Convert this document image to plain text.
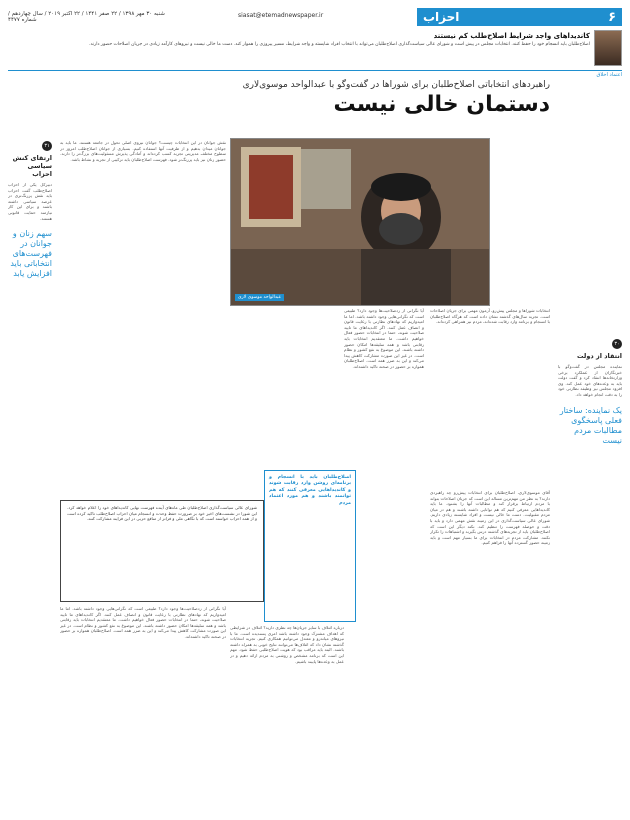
۶
احزاب
siasat@etemadnewspaper.ir
شنبه ۳۰ مهر ۱۳۹۸ / ۲۲ صفر ۱۴۴۱ / ۲۲ اکتبر ۲۰۱۹ / سال چهاردهم / شماره ۴۴۷۷
کاندیداهای واجد شرایط اصلاح‌طلب کم نیستند
اصلاح‌طلبان باید انسجام خود را حفظ کنند. انتخابات مجلس در پیش است و شورای عالی سیاست‌گذاری اصلاح‌طلبان می‌تواند با انتخاب افراد شایسته و واجد شرایط، مسیر پیروزی را هموار کند. دست ما خالی نیست و نیروهای کارآمد زیادی در جریان اصلاحات حضور دارند.
اعتماد اخلاق
راهبردهای انتخاباتی اصلاح‌طلبان برای شورا‌ها در گفت‌وگو با عبدالواحد موسوی‌لاری
دستمان خالی نیست
عبدالواحد موسوی لاری
انتخابات شوراها و مجلس پیش‌رو، آزمون مهمی برای جریان اصلاحات است. تجربه سال‌های گذشته نشان داده است که هرگاه اصلاح‌طلبان با انسجام و برنامه وارد رقابت شده‌اند، مردم نیز همراهی کرده‌اند.
آقای موسوی‌لاری، اصلاح‌طلبان برای انتخابات پیش‌رو چه راهبردی دارند؟ به نظر من مهم‌ترین مساله این است که جریان اصلاحات بتواند با مردم ارتباط برقرار کند و مطالبات آنها را بشنود. ما باید کاندیداهایی معرفی کنیم که هم توانایی داشته باشند و هم در میان مردم مقبولیت. دست ما خالی نیست و افراد شایسته زیادی داریم. شورای عالی سیاست‌گذاری در این زمینه نقش مهمی دارد و باید با دقت و حوصله فهرست را تنظیم کند. نکته دیگر این است که اصلاح‌طلبان باید از تجربه‌های گذشته درس بگیرند و اشتباهات را تکرار نکنند. مشارکت مردم در انتخابات برای ما بسیار مهم است و باید زمینه حضور گسترده آنها را فراهم کنیم.
آیا نگرانی از ردصلاحیت‌ها وجود دارد؟ طبیعی است که نگرانی‌هایی وجود داشته باشد. اما ما امیدواریم که نهادهای نظارتی با رعایت قانون و انصاف عمل کنند. اگر کاندیداهای ما تایید صلاحیت شوند، حتما در انتخابات حضور فعال خواهیم داشت. ما معتقدیم انتخابات باید رقابتی باشد و همه سلیقه‌ها امکان حضور داشته باشند. این موضوع به نفع کشور و نظام است. در غیر این صورت مشارکت کاهش پیدا می‌کند و این به ضرر همه است. اصلاح‌طلبان همواره بر حضور در صحنه تاکید داشته‌اند.
درباره ائتلاف با سایر جریان‌ها چه نظری دارید؟ ائتلاف در شرایطی که اهداف مشترک وجود داشته باشد امری پسندیده است. ما با نیروهای میانه‌رو و معتدل می‌توانیم همکاری کنیم. تجربه انتخابات گذشته نشان داد که ائتلاف‌ها می‌توانند نتایج خوبی به همراه داشته باشند. البته باید مراقب بود که هویت اصلاح‌طلبی حفظ شود. مهم این است که برنامه مشخص و روشنی به مردم ارائه دهیم و در عمل به وعده‌ها پایبند باشیم.
نقش جوانان در این انتخابات چیست؟ جوانان نیروی اصلی تحول در جامعه هستند. ما باید به جوانان میدان بدهیم و از ظرفیت آنها استفاده کنیم. بسیاری از جوانان اصلاح‌طلب امروز در سطوح مختلف مدیریتی تجربه کسب کرده‌اند و آمادگی پذیرش مسئولیت‌های بزرگ‌تر را دارند. حضور زنان نیز باید پررنگ‌تر شود. فهرست اصلاح‌طلبان باید ترکیبی از تجربه و نشاط باشد.
آیا نگرانی از ردصلاحیت‌ها وجود دارد؟ طبیعی است که نگرانی‌هایی وجود داشته باشد. اما ما امیدواریم که نهادهای نظارتی با رعایت قانون و انصاف عمل کنند. اگر کاندیداهای ما تایید صلاحیت شوند، حتما در انتخابات حضور فعال خواهیم داشت. ما معتقدیم انتخابات باید رقابتی باشد و همه سلیقه‌ها امکان حضور داشته باشند. این موضوع به نفع کشور و نظام است. در غیر این صورت مشارکت کاهش پیدا می‌کند و این به ضرر همه است. اصلاح‌طلبان همواره بر حضور در صحنه تاکید داشته‌اند.
اصلاح‌طلبان باید با انسجام و برنامه‌ای روشن وارد رقابت شوند و کاندیداهایی معرفی کنند که هم توانمند باشند و هم مورد اعتماد مردم
شورای عالی سیاست‌گذاری اصلاح‌طلبان طی ماه‌های آینده فهرست نهایی کاندیداهای خود را اعلام خواهد کرد. این شورا در نشست‌های اخیر خود بر ضرورت حفظ وحدت و انسجام میان احزاب اصلاح‌طلب تاکید کرده است و از همه احزاب خواسته است که با نگاهی ملی و فراتر از منافع حزبی در این فرایند مشارکت کنند.
۳۰
انتقاد از دولت
نماینده مجلس در گفت‌وگو با خبرنگاران از عملکرد برخی وزارتخانه‌ها انتقاد کرد و گفت دولت باید به وعده‌های خود عمل کند. وی افزود مجلس نیز وظیفه نظارتی خود را به دقت انجام خواهد داد.
یک نماینده: ساختار فعلی پاسخگوی مطالبات مردم نیست
۳۱
ارتقای کنش سیاسی احزاب
دبیرکل یکی از احزاب اصلاح‌طلب گفت احزاب باید نقش پررنگ‌تری در عرصه سیاسی داشته باشند و برای این کار نیازمند حمایت قانونی هستند.
سهم زنان و جوانان در فهرست‌های انتخاباتی باید افزایش یابد
